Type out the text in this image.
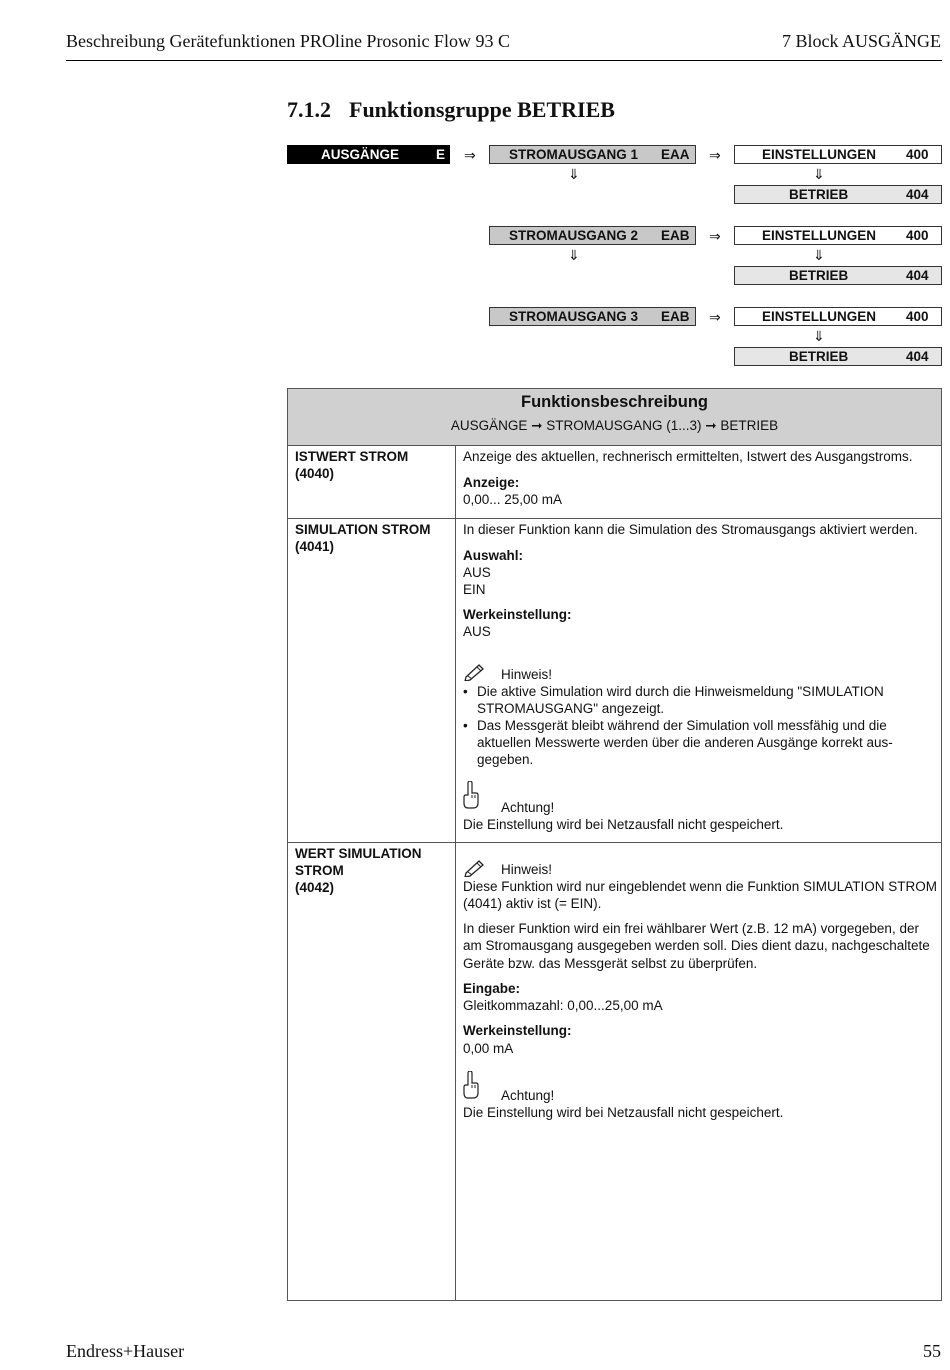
Beschreibung Gerätefunktionen PROline Prosonic Flow 93 C	7 Block AUSGÄNGE
7.1.2 Funktionsgruppe BETRIEB
AUSGÄNGE	E ⇒ STROMAUSGANG 1 EAA ⇒	EINSTELLUNGEN 400
⇓	⇓
BETRIEB	404
STROMAUSGANG 2 EAB ⇒	EINSTELLUNGEN 400
⇓	⇓
BETRIEB	404
STROMAUSGANG 3 EAB ⇒	EINSTELLUNGEN 400
⇓
BETRIEB	404
Funktionsbeschreibung
AUSGÄNGE ➞ STROMAUSGANG (1...3) ➞ BETRIEB
ISTWERT STROM
(4040)
Anzeige des aktuellen, rechnerisch ermittelten, Istwert des Ausgangstroms.
Anzeige:
0,00... 25,00 mA
SIMULATION STROM
(4041)
In dieser Funktion kann die Simulation des Stromausgangs aktiviert werden.
Auswahl:
AUS
EIN
Werkeinstellung:
AUS
Hinweis!
• Die aktive Simulation wird durch die Hinweismeldung "SIMULATION
STROMAUSGANG" angezeigt.
• Das Messgerät bleibt während der Simulation voll messfähig und die
aktuellen Messwerte werden über die anderen Ausgänge korrekt aus-
gegeben.
Achtung!
Die Einstellung wird bei Netzausfall nicht gespeichert.
WERT SIMULATION
STROM
(4042)
Hinweis!
Diese Funktion wird nur eingeblendet wenn die Funktion SIMULATION STROM
(4041) aktiv ist (= EIN).
In dieser Funktion wird ein frei wählbarer Wert (z.B. 12 mA) vorgegeben, der
am Stromausgang ausgegeben werden soll. Dies dient dazu, nachgeschaltete
Geräte bzw. das Messgerät selbst zu überprüfen.
Eingabe:
Gleitkommazahl: 0,00...25,00 mA
Werkeinstellung:
0,00 mA
Achtung!
Die Einstellung wird bei Netzausfall nicht gespeichert.
Endress+Hauser	55
